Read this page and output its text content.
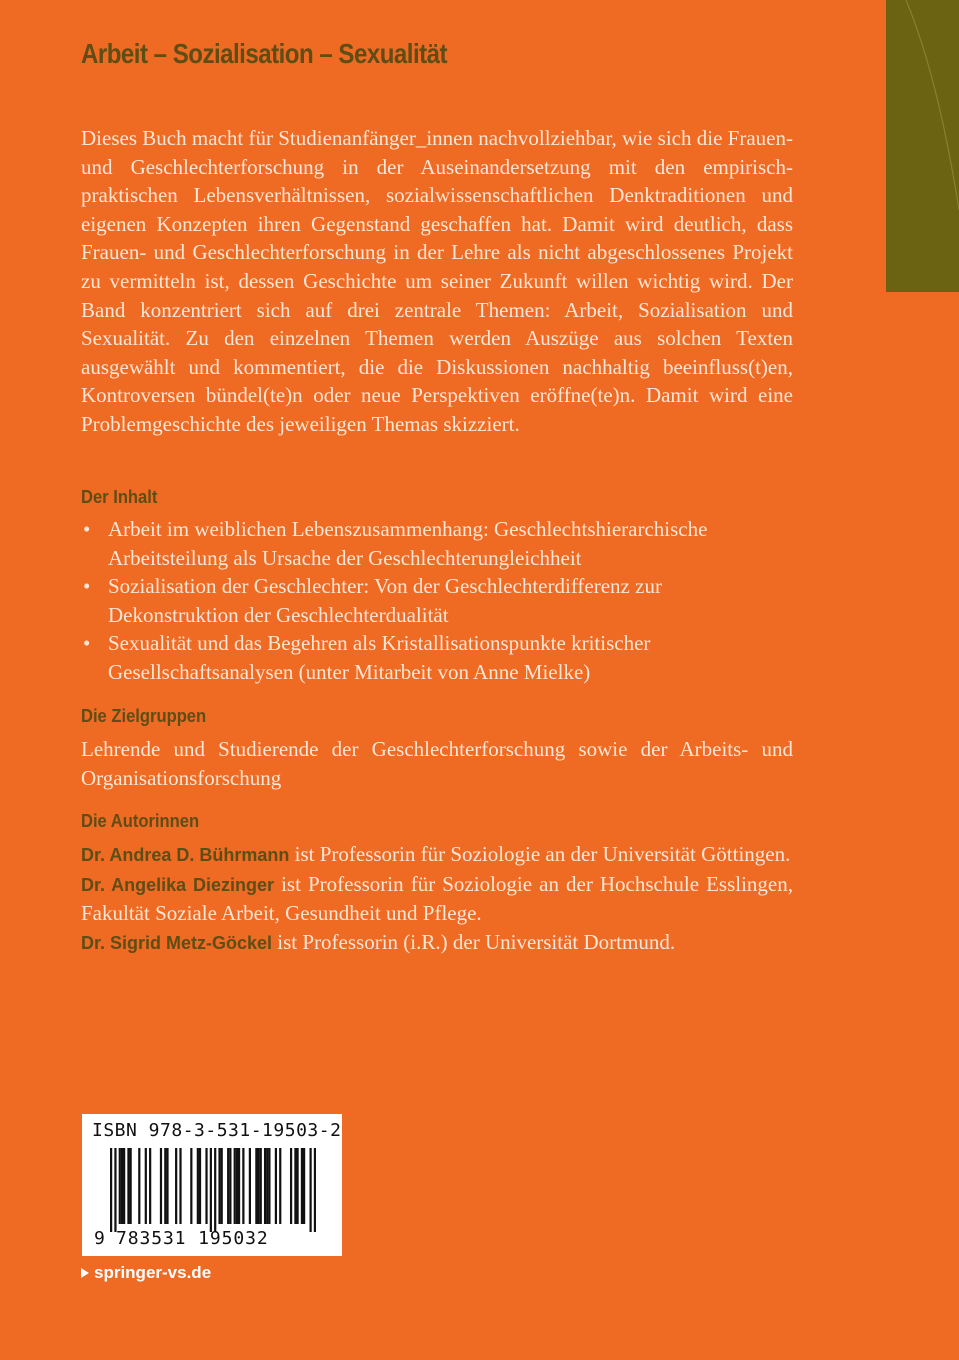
Arbeit – Sozialisation – Sexualität

Dieses Buch macht für Studienanfänger_innen nachvollziehbar, wie sich die Frauen- und Geschlechterforschung in der Auseinandersetzung mit den empirisch-praktischen Lebensverhältnissen, sozialwissenschaftlichen Denktraditionen und eigenen Konzepten ihren Gegenstand geschaffen hat. Damit wird deutlich, dass Frauen- und Geschlechterforschung in der Lehre als nicht abgeschlossenes Projekt zu vermitteln ist, dessen Geschichte um seiner Zukunft willen wichtig wird. Der Band konzentriert sich auf drei zentrale Themen: Arbeit, Sozialisation und Sexualität. Zu den einzelnen Themen werden Auszüge aus solchen Texten ausgewählt und kommentiert, die die Diskussionen nachhaltig beeinfluss(t)en, Kontroversen bündel(te)n oder neue Perspektiven eröffne(te)n. Damit wird eine Problemgeschichte des jeweiligen Themas skizziert.

Der Inhalt
• Arbeit im weiblichen Lebenszusammenhang: Geschlechtshierarchische Arbeitsteilung als Ursache der Geschlechterungleichheit
• Sozialisation der Geschlechter: Von der Geschlechterdifferenz zur Dekonstruktion der Geschlechterdualität
• Sexualität und das Begehren als Kristallisationspunkte kritischer Gesellschaftsanalysen (unter Mitarbeit von Anne Mielke)
Die Zielgruppen

Lehrende und Studierende der Geschlechterforschung sowie der Arbeits- und Organisationsforschung

Die Autorinnen

Dr. Andrea D. Bührmann ist Professorin für Soziologie an der Universität Göttingen.

Dr. Angelika Diezinger ist Professorin für Soziologie an der Hochschule Esslingen, Fakultät Soziale Arbeit, Gesundheit und Pflege.

Dr. Sigrid Metz-Göckel ist Professorin (i.R.) der Universität Dortmund.

ISBN 978-3-531-19503-2
9 783531 195032
springer-vs.de
